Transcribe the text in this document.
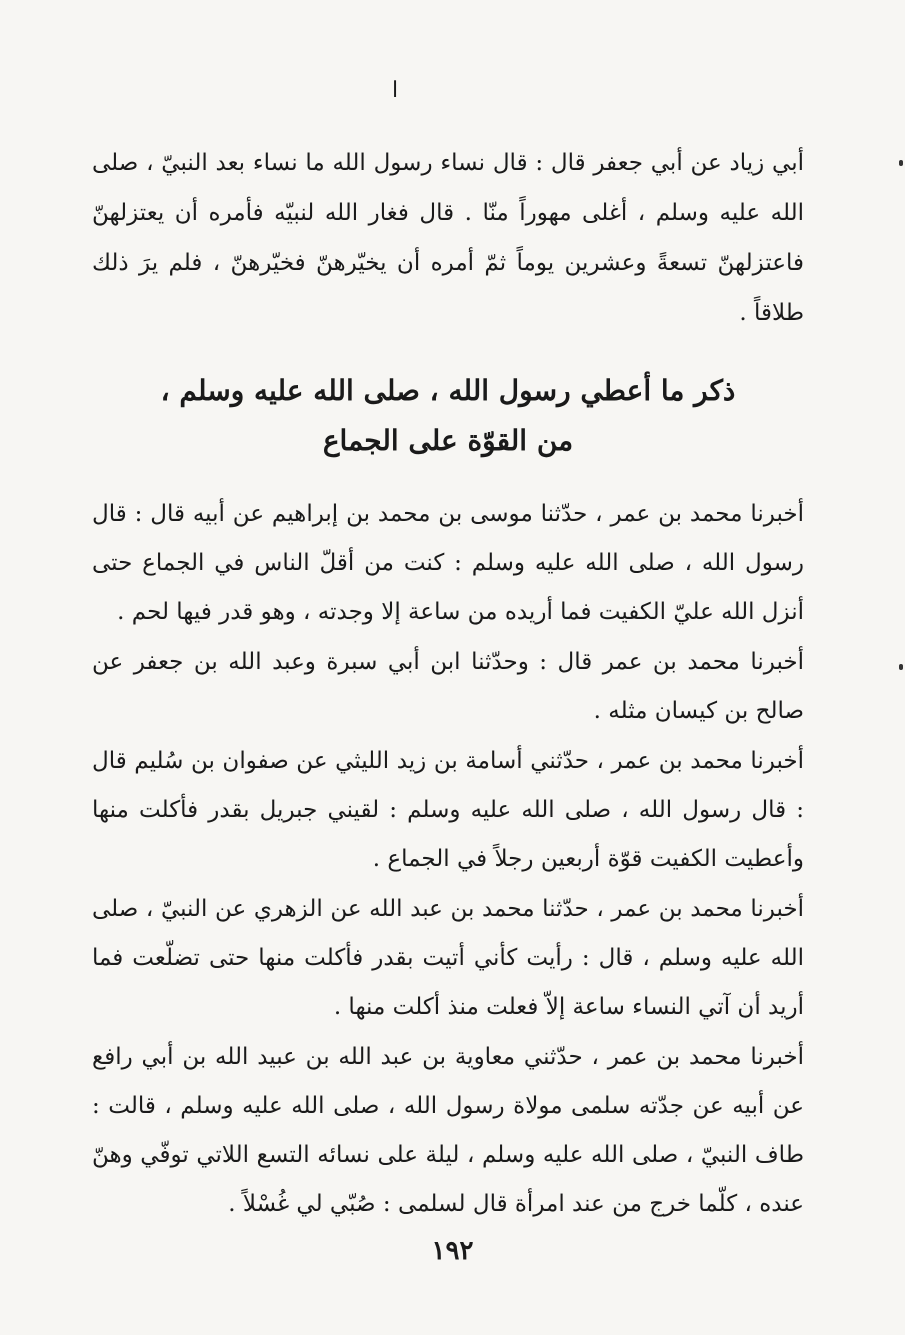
ا

أبي زياد عن أبي جعفر قال : قال نساء رسول الله ما نساء بعد النبيّ ، صلى الله عليه وسلم ، أغلى مهوراً منّا . قال فغار الله لنبيّه فأمره أن يعتزلهنّ فاعتزلهنّ تسعةً وعشرين يوماً ثمّ أمره أن يخيّرهنّ فخيّرهنّ ، فلم يرَ ذلك طلاقاً .

ذكر ما أعطي رسول الله ، صلى الله عليه وسلم ،
من القوّة على الجماع

أخبرنا محمد بن عمر ، حدّثنا موسى بن محمد بن إبراهيم عن أبيه قال : قال رسول الله ، صلى الله عليه وسلم : كنت من أقلّ الناس في الجماع حتى أنزل الله عليّ الكفيت فما أريده من ساعة إلا وجدته ، وهو قدر فيها لحم .

أخبرنا محمد بن عمر قال : وحدّثنا ابن أبي سبرة وعبد الله بن جعفر عن صالح بن كيسان مثله .

أخبرنا محمد بن عمر ، حدّثني أسامة بن زيد الليثي عن صفوان بن سُليم قال : قال رسول الله ، صلى الله عليه وسلم : لقيني جبريل بقدر فأكلت منها وأعطيت الكفيت قوّة أربعين رجلاً في الجماع .

أخبرنا محمد بن عمر ، حدّثنا محمد بن عبد الله عن الزهري عن النبيّ ، صلى الله عليه وسلم ، قال : رأيت كأني أتيت بقدر فأكلت منها حتى تضلّعت فما أريد أن آتي النساء ساعة إلاّ فعلت منذ أكلت منها .

أخبرنا محمد بن عمر ، حدّثني معاوية بن عبد الله بن عبيد الله بن أبي رافع عن أبيه عن جدّته سلمى مولاة رسول الله ، صلى الله عليه وسلم ، قالت : طاف النبيّ ، صلى الله عليه وسلم ، ليلة على نسائه التسع اللاتي توفّي وهنّ عنده ، كلّما خرج من عند امرأة قال لسلمى : صُبّي لي غُسْلاً .

١٩٢
